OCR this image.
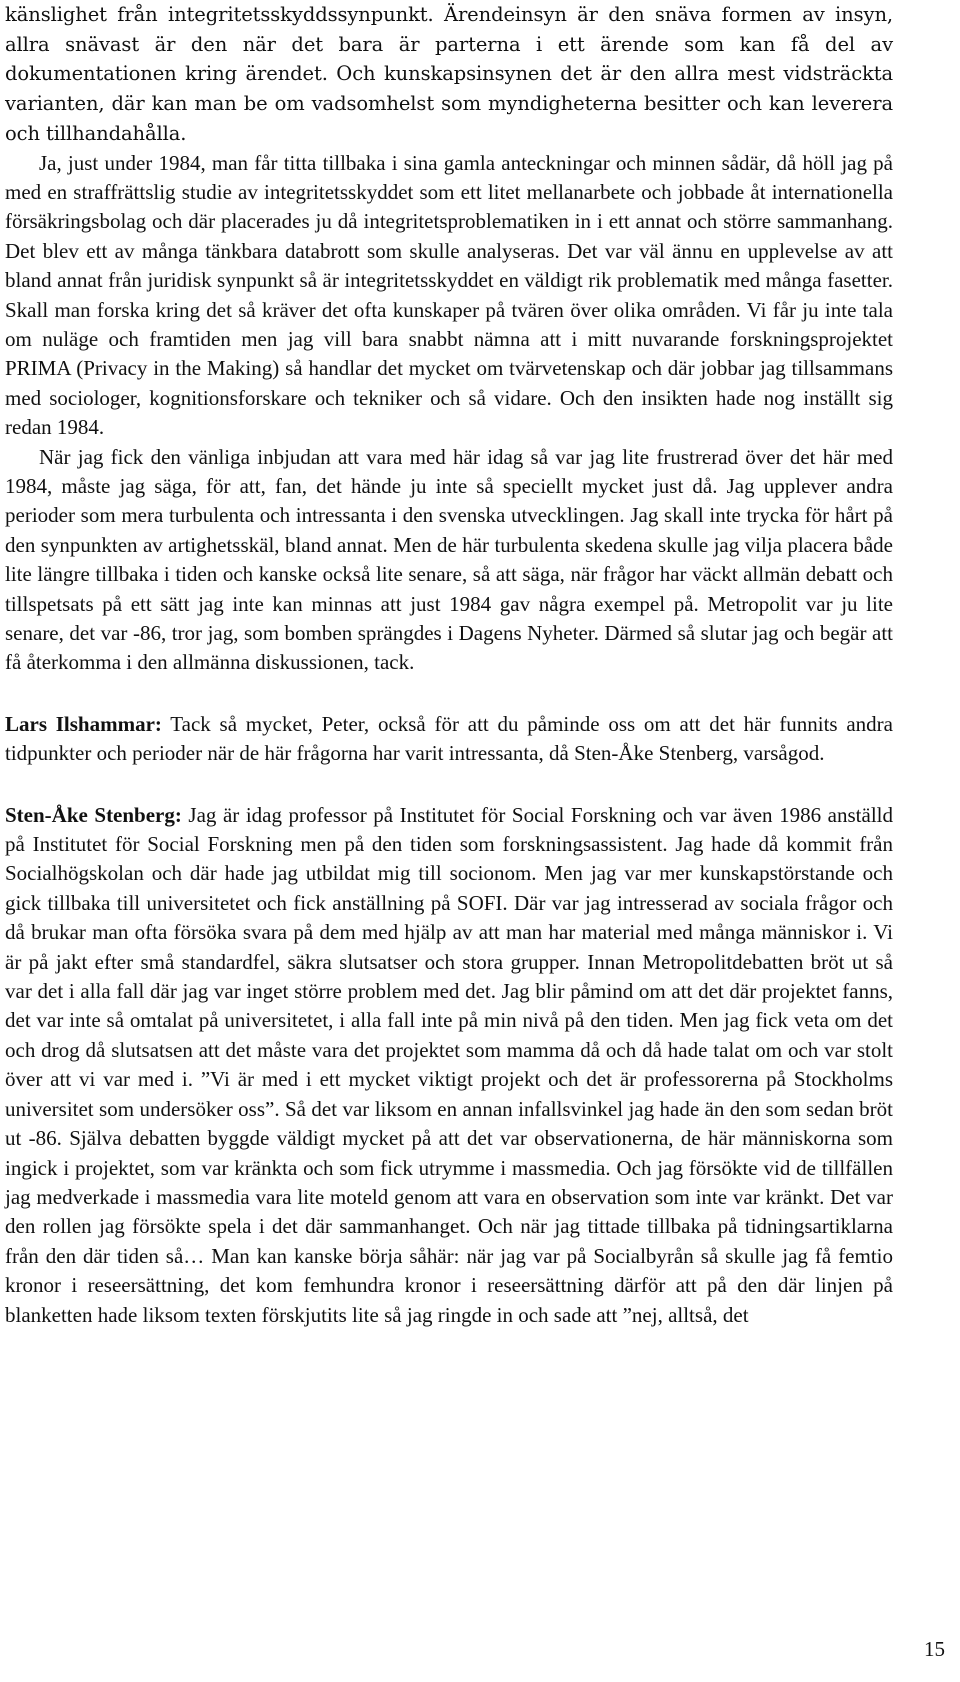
känslighet från integritetsskyddssynpunkt. Ärendeinsyn är den snäva formen av insyn, allra snävast är den när det bara är parterna i ett ärende som kan få del av dokumentationen kring ärendet. Och kunskapsinsynen det är den allra mest vidsträckta varianten, där kan man be om vadsomhelst som myndigheterna besitter och kan leverera och tillhandahålla.

Ja, just under 1984, man får titta tillbaka i sina gamla anteckningar och minnen sådär, då höll jag på med en straffrättslig studie av integritetsskyddet som ett litet mellanarbete och jobbade åt internationella försäkringsbolag och där placerades ju då integritetsproblematiken in i ett annat och större sammanhang. Det blev ett av många tänkbara databrott som skulle analyseras. Det var väl ännu en upplevelse av att bland annat från juridisk synpunkt så är integritetsskyddet en väldigt rik problematik med många fasetter. Skall man forska kring det så kräver det ofta kunskaper på tvären över olika områden. Vi får ju inte tala om nuläge och framtiden men jag vill bara snabbt nämna att i mitt nuvarande forskningsprojektet PRIMA (Privacy in the Making) så handlar det mycket om tvärvetenskap och där jobbar jag tillsammans med sociologer, kognitionsforskare och tekniker och så vidare. Och den insikten hade nog inställt sig redan 1984.

När jag fick den vänliga inbjudan att vara med här idag så var jag lite frustrerad över det här med 1984, måste jag säga, för att, fan, det hände ju inte så speciellt mycket just då. Jag upplever andra perioder som mera turbulenta och intressanta i den svenska utvecklingen. Jag skall inte trycka för hårt på den synpunkten av artighetsskäl, bland annat. Men de här turbulenta skedena skulle jag vilja placera både lite längre tillbaka i tiden och kanske också lite senare, så att säga, när frågor har väckt allmän debatt och tillspetsats på ett sätt jag inte kan minnas att just 1984 gav några exempel på. Metropolit var ju lite senare, det var -86, tror jag, som bomben sprängdes i Dagens Nyheter. Därmed så slutar jag och begär att få återkomma i den allmänna diskussionen, tack.

Lars Ilshammar: Tack så mycket, Peter, också för att du påminde oss om att det här funnits andra tidpunkter och perioder när de här frågorna har varit intressanta, då Sten-Åke Stenberg, varsågod.

Sten-Åke Stenberg: Jag är idag professor på Institutet för Social Forskning och var även 1986 anställd på Institutet för Social Forskning men på den tiden som forskningsassistent. Jag hade då kommit från Socialhögskolan och där hade jag utbildat mig till socionom. Men jag var mer kunskapstörstande och gick tillbaka till universitetet och fick anställning på SOFI. Där var jag intresserad av sociala frågor och då brukar man ofta försöka svara på dem med hjälp av att man har material med många människor i. Vi är på jakt efter små standardfel, säkra slutsatser och stora grupper. Innan Metropolitdebatten bröt ut så var det i alla fall där jag var inget större problem med det. Jag blir påmind om att det där projektet fanns, det var inte så omtalat på universitetet, i alla fall inte på min nivå på den tiden. Men jag fick veta om det och drog då slutsatsen att det måste vara det projektet som mamma då och då hade talat om och var stolt över att vi var med i. ”Vi är med i ett mycket viktigt projekt och det är professorerna på Stockholms universitet som undersöker oss”. Så det var liksom en annan infallsvinkel jag hade än den som sedan bröt ut -86. Själva debatten byggde väldigt mycket på att det var observationerna, de här människorna som ingick i projektet, som var kränkta och som fick utrymme i massmedia. Och jag försökte vid de tillfällen jag medverkade i massmedia vara lite moteld genom att vara en observation som inte var kränkt. Det var den rollen jag försökte spela i det där sammanhanget. Och när jag tittade tillbaka på tidningsartiklarna från den där tiden så… Man kan kanske börja såhär: när jag var på Socialbyrån så skulle jag få femtio kronor i reseersättning, det kom femhundra kronor i reseersättning därför att på den där linjen på blanketten hade liksom texten förskjutits lite så jag ringde in och sade att ”nej, alltså, det

15
